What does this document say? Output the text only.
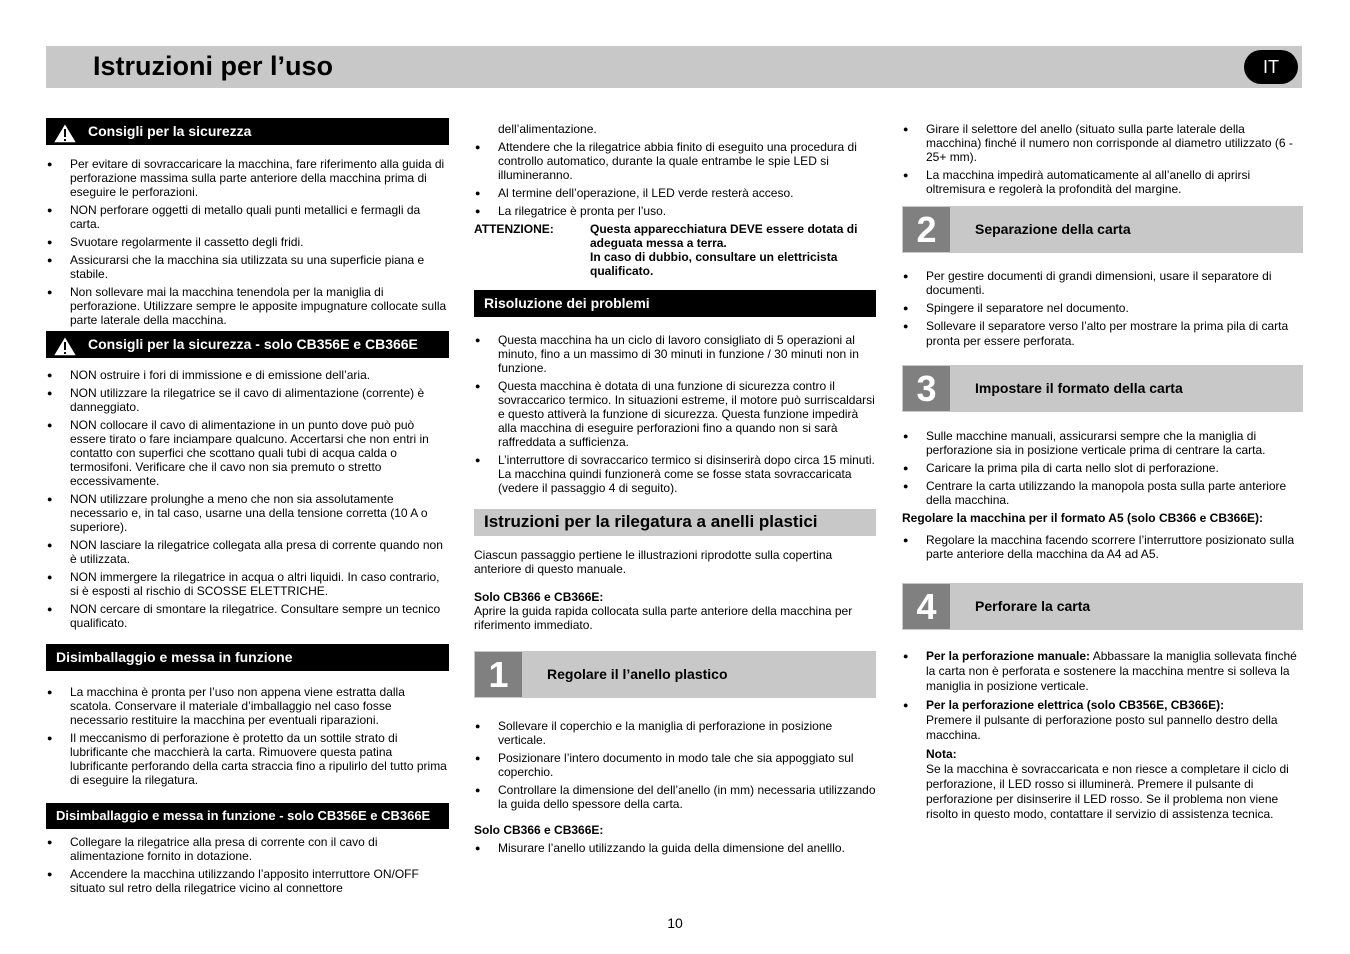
Istruzioni per l’uso	IT
Consigli per la sicurezza
● Per evitare di sovraccaricare la macchina, fare riferimento alla guida di perforazione massima sulla parte anteriore della macchina prima di eseguire le perforazioni.
● NON perforare oggetti di metallo quali punti metallici e fermagli da carta.
● Svuotare regolarmente il cassetto degli fridi.
● Assicurarsi che la macchina sia utilizzata su una superficie piana e stabile.
● Non sollevare mai la macchina tenendola per la maniglia di perforazione. Utilizzare sempre le apposite impugnature collocate sulla parte laterale della macchina.
Consigli per la sicurezza - solo CB356E e CB366E
● NON ostruire i fori di immissione e di emissione dell’aria.
● NON utilizzare la rilegatrice se il cavo di alimentazione (corrente) è danneggiato.
● NON collocare il cavo di alimentazione in un punto dove può può essere tirato o fare inciampare qualcuno. Accertarsi che non entri in contatto con superfici che scottano quali tubi di acqua calda o termosifoni. Verificare che il cavo non sia premuto o stretto eccessivamente.
● NON utilizzare prolunghe a meno che non sia assolutamente necessario e, in tal caso, usarne una della tensione corretta (10 A o superiore).
● NON lasciare la rilegatrice collegata alla presa di corrente quando non è utilizzata.
● NON immergere la rilegatrice in acqua o altri liquidi. In caso contrario, si è esposti al rischio di SCOSSE ELETTRICHE.
● NON cercare di smontare la rilegatrice. Consultare sempre un tecnico qualificato.
Disimballaggio e messa in funzione
● La macchina è pronta per l’uso non appena viene estratta dalla scatola. Conservare il materiale d’imballaggio nel caso fosse necessario restituire la macchina per eventuali riparazioni.
● Il meccanismo di perforazione è protetto da un sottile strato di lubrificante che macchierà la carta. Rimuovere questa patina lubrificante perforando della carta straccia fino a ripulirlo del tutto prima di eseguire la rilegatura.
Disimballaggio e messa in funzione - solo CB356E e CB366E
● Collegare la rilegatrice alla presa di corrente con il cavo di alimentazione fornito in dotazione.
● Accendere la macchina utilizzando l’apposito interruttore ON/OFF situato sul retro della rilegatrice vicino al connettore

dell’alimentazione.

● Attendere che la rilegatrice abbia finito di eseguito una procedura di controllo automatico, durante la quale entrambe le spie LED si illumineranno.
● Al termine dell’operazione, il LED verde resterà acceso.
● La rilegatrice è pronta per l’uso.
ATTENZIONE:	Questa apparecchiatura DEVE essere dotata di adeguata messa a terra.

In caso di dubbio, consultare un elettricista qualificato.

Risoluzione dei problemi
● Questa macchina ha un ciclo di lavoro consigliato di 5 operazioni al minuto, fino a un massimo di 30 minuti in funzione / 30 minuti non in funzione.
● Questa macchina è dotata di una funzione di sicurezza contro il sovraccarico termico. In situazioni estreme, il motore può surriscaldarsi e questo attiverà la funzione di sicurezza. Questa funzione impedirà alla macchina di eseguire perforazioni fino a quando non si sarà raffreddata a sufficienza.
● L’interruttore di sovraccarico termico si disinserirà dopo circa 15 minuti. La macchina quindi funzionerà come se fosse stata sovraccaricata (vedere il passaggio 4 di seguito).
Istruzioni per la rilegatura a anelli plastici

Ciascun passaggio pertiene le illustrazioni riprodotte sulla copertina anteriore di questo manuale.

Solo CB366 e CB366E:

Aprire la guida rapida collocata sulla parte anteriore della macchina per riferimento immediato.

1	Regolare il l’anello plastico
● Sollevare il coperchio e la maniglia di perforazione in posizione verticale.
● Posizionare l’intero documento in modo tale che sia appoggiato sul coperchio.
● Controllare la dimensione del dell’anello (in mm) necessaria utilizzando la guida dello spessore della carta.

Solo CB366 e CB366E:

● Misurare l’anello utilizzando la guida della dimensione del anelllo.
● Girare il selettore del anello (situato sulla parte laterale della macchina) finché il numero non corrisponde al diametro utilizzato (6 - 25+ mm).
● La macchina impedirà automaticamente al all’anello di aprirsi oltremisura e regolerà la profondità del margine.
2	Separazione della carta
● Per gestire documenti di grandi dimensioni, usare il separatore di documenti.
● Spingere il separatore nel documento.
● Sollevare il separatore verso l’alto per mostrare la prima pila di carta pronta per essere perforata.
3	Impostare il formato della carta
● Sulle macchine manuali, assicurarsi sempre che la maniglia di perforazione sia in posizione verticale prima di centrare la carta.
● Caricare la prima pila di carta nello slot di perforazione.
● Centrare la carta utilizzando la manopola posta sulla parte anteriore della macchina.

Regolare la macchina per il formato A5 (solo CB366 e CB366E):

● Regolare la macchina facendo scorrere l’interruttore posizionato sulla parte anteriore della macchina da A4 ad A5.
4	Perforare la carta
● Per la perforazione manuale: Abbassare la maniglia sollevata finché la carta non è perforata e sostenere la macchina mentre si solleva la maniglia in posizione verticale.

● Per la perforazione elettrica (solo CB356E, CB366E):

Premere il pulsante di perforazione posto sul pannello destro della macchina.

Nota:

Se la macchina è sovraccaricata e non riesce a completare il ciclo di perforazione, il LED rosso si illuminerà. Premere il pulsante di perforazione per disinserire il LED rosso. Se il problema non viene risolto in questo modo, contattare il servizio di assistenza tecnica.

10
